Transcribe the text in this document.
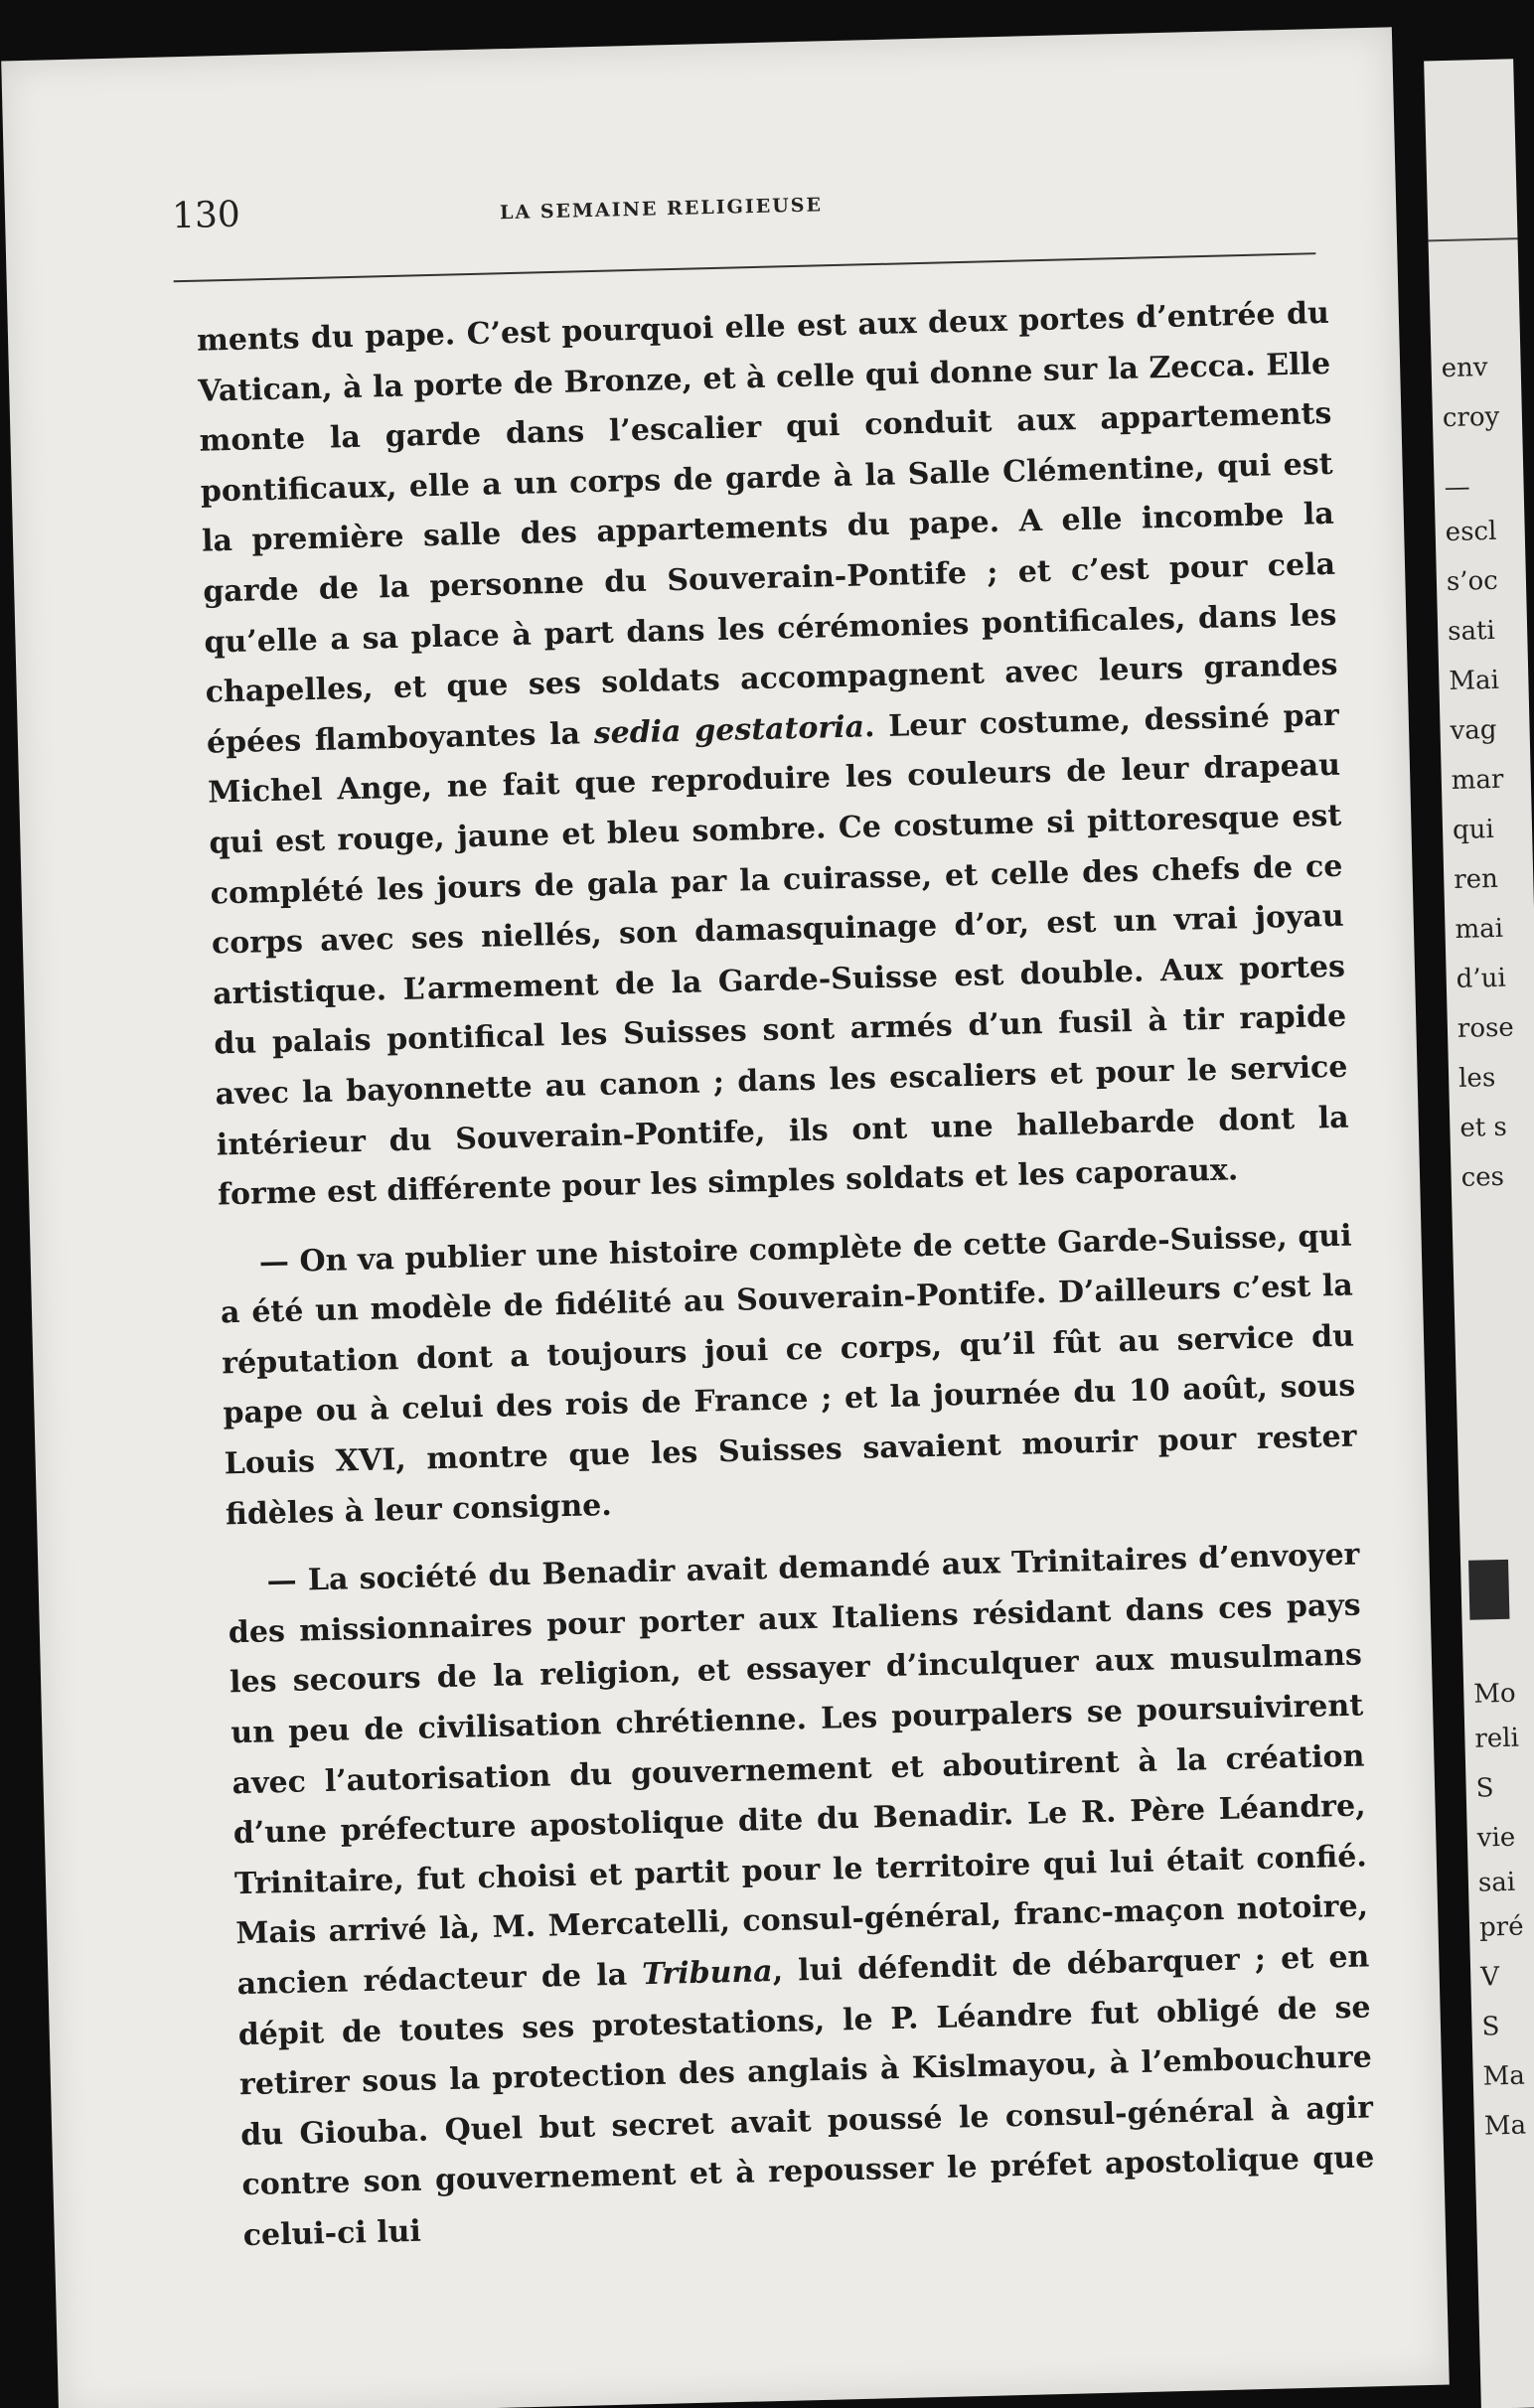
130	LA SEMAINE RELIGIEUSE

ments du pape. C’est pourquoi elle est aux deux portes d’entrée du Vatican, à la porte de Bronze, et à celle qui donne sur la Zecca. Elle monte la garde dans l’escalier qui conduit aux appartements pontificaux, elle a un corps de garde à la Salle Clémentine, qui est la première salle des appartements du pape. A elle incombe la garde de la personne du Souverain-Pontife ; et c’est pour cela qu’elle a sa place à part dans les cérémonies pontificales, dans les chapelles, et que ses soldats accompagnent avec leurs grandes épées flamboyantes la sedia gestatoria. Leur costume, dessiné par Michel Ange, ne fait que reproduire les couleurs de leur drapeau qui est rouge, jaune et bleu sombre. Ce costume si pittoresque est complété les jours de gala par la cuirasse, et celle des chefs de ce corps avec ses niellés, son damasquinage d’or, est un vrai joyau artistique. L’armement de la Garde-Suisse est double. Aux portes du palais pontifical les Suisses sont armés d’un fusil à tir rapide avec la bayonnette au canon ; dans les escaliers et pour le service intérieur du Souverain-Pontife, ils ont une hallebarde dont la forme est différente pour les simples soldats et les caporaux.

— On va publier une histoire complète de cette Garde-Suisse, qui a été un modèle de fidélité au Souverain-Pontife. D’ailleurs c’est la réputation dont a toujours joui ce corps, qu’il fût au service du pape ou à celui des rois de France ; et la journée du 10 août, sous Louis XVI, montre que les Suisses savaient mourir pour rester fidèles à leur consigne.

— La société du Benadir avait demandé aux Trinitaires d’envoyer des missionnaires pour porter aux Italiens résidant dans ces pays les secours de la religion, et essayer d’inculquer aux musulmans un peu de civilisation chrétienne. Les pourpalers se poursuivirent avec l’autorisation du gouvernement et aboutirent à la création d’une préfecture apostolique dite du Benadir. Le R. Père Léandre, Trinitaire, fut choisi et partit pour le territoire qui lui était confié. Mais arrivé là, M. Mercatelli, consul-général, franc-maçon notoire, ancien rédacteur de la Tribuna, lui défendit de débarquer ; et en dépit de toutes ses protestations, le P. Léandre fut obligé de se retirer sous la protection des anglais à Kislmayou, à l’embouchure du Giouba. Quel but secret avait poussé le consul-général à agir contre son gouvernement et à repousser le préfet apostolique que celui-ci lui

env
croy
—
escl
s’oc
sati
Mai
vag
mar
qui
ren
mai
d’ui
rose
les
et s
ces
Mo
reli
S
vie
sai
pré
V
S
Ma
Ma
